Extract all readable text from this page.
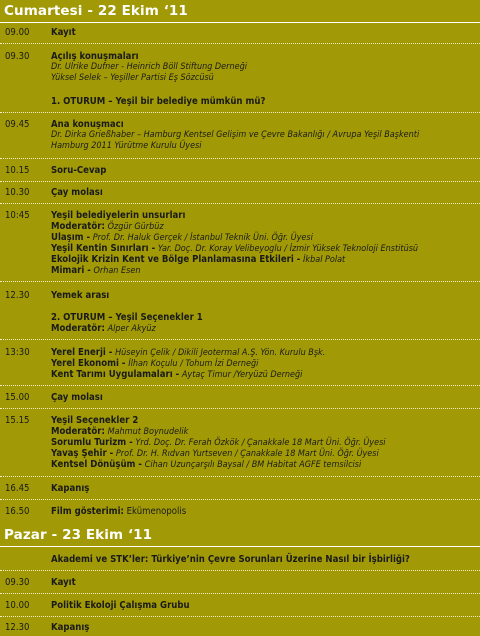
Cumartesi - 22 Ekim ‘11
09.00 Kayıt
09.30 Açılış konuşmaları
Dr. Ulrike Dufner - Heinrich Böll Stiftung Derneği
Yüksel Selek – Yeşiller Partisi Eş Sözcüsü
1. OTURUM – Yeşil bir belediye mümkün mü?
09.45 Ana konuşmacı
Dr. Dirka Grießhaber – Hamburg Kentsel Gelişim ve Çevre Bakanlığı / Avrupa Yeşil Başkenti
Hamburg 2011 Yürütme Kurulu Üyesi
10.15 Soru-Cevap
10.30 Çay molası
10:45 Yeşil belediyelerin unsurları
Moderatör: Özgür Gürbüz
Ulaşım - Prof. Dr. Haluk Gerçek / İstanbul Teknik Üni. Öğr. Üyesi
Yeşil Kentin Sınırları - Yar. Doç. Dr. Koray Velibeyoglu / İzmir Yüksek Teknoloji Enstitüsü
Ekolojik Krizin Kent ve Bölge Planlamasına Etkileri - İkbal Polat
Mimari - Orhan Esen
12.30 Yemek arası
2. OTURUM – Yeşil Seçenekler 1
Moderatör: Alper Akyüz
13:30 Yerel Enerji - Hüseyin Çelik / Dikili Jeotermal A.Ş. Yön. Kurulu Bşk.
Yerel Ekonomi - İlhan Koçulu / Tohum İzi Derneği
Kent Tarımı Uygulamaları - Aytaç Timur /Yeryüzü Derneği
15.00 Çay molası
15.15 Yeşil Seçenekler 2
Moderatör: Mahmut Boynudelik
Sorumlu Turizm - Yrd. Doç. Dr. Ferah Özkök / Çanakkale 18 Mart Üni. Öğr. Üyesi
Yavaş Şehir - Prof. Dr. H. Rıdvan Yurtseven / Çanakkale 18 Mart Üni. Öğr. Üyesi
Kentsel Dönüşüm - Cihan Uzunçarşılı Baysal / BM Habitat AGFE temsilcisi
16.45 Kapanış
16.50 Film gösterimi: Ekümenopolis
Pazar - 23 Ekim ‘11
Akademi ve STK’ler: Türkiye’nin Çevre Sorunları Üzerine Nasıl bir İşbirliği?
09.30 Kayıt
10.00 Politik Ekoloji Çalışma Grubu
12.30 Kapanış
